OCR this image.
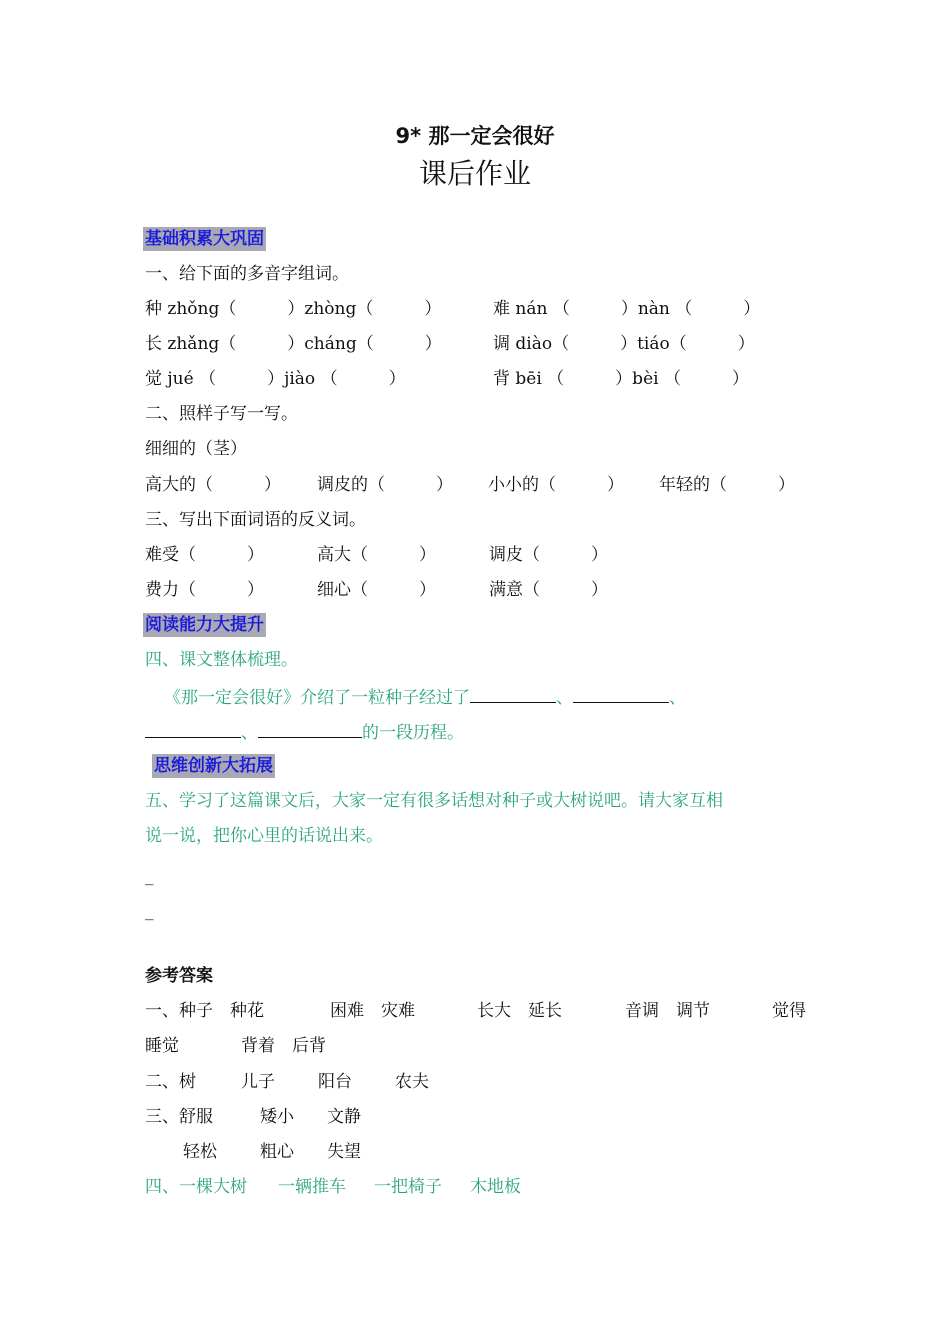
9* 那一定会很好
课后作业
基础积累大巩固
一、给下面的多音字组词。
种 zhǒng（　　　）zhòng（　　　）	难 nán （　　　）nàn （　　　）
长 zhǎng（　　　）cháng（　　　）	调 diào（　　　）tiáo（　　　）
觉 jué （　　　）jiào （　　　）	背 bēi （　　　）bèi （　　　）
二、照样子写一写。
细细的（茎）
高大的（　　　） 调皮的（　　　） 小小的（　　　） 年轻的（　　　）
三、写出下面词语的反义词。
难受（　　　）	高大（　　　）	调皮（　　　）
费力（　　　）	细心（　　　）	满意（　　　）
阅读能力大提升
四、课文整体梳理。
《那一定会很好》介绍了一粒种子经过了	、	、
、	的一段历程。
思维创新大拓展
五、学习了这篇课文后，大家一定有很多话想对种子或大树说吧。请大家互相
说一说，把你心里的话说出来。
_
_
参考答案
一、种子　种花	困难　灾难	长大　延长	音调　调节	觉得
睡觉	背着　后背
二、树	儿子	阳台	农夫
三、舒服	矮小 文静
轻松	粗心 失望
四、一棵大树 一辆推车 一把椅子 木地板
